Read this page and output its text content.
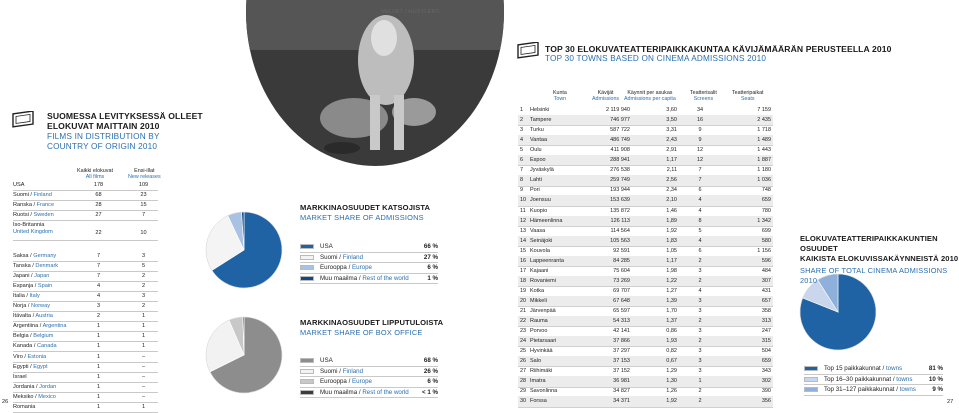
VELVET / HUSTLERS
TOP 30 ELOKUVATEATTERIPAIKKAKUNTAA KÄVIJÄMÄÄRÄN PERUSTEELLA 2010
TOP 30 TOWNS BASED ON CINEMA ADMISSIONS 2010
Kunta
Town
Kävijät
Admissions
Käynnit per asukas
Admissions per capita
Teatterisalit
Screens
Teatteripaikat
Seats
1 Helsinki	2 119 940	3,60	34	7 159
2 Tampere	746 977	3,50	16	2 435
3 Turku	587 722	3,31	9	1 718
4 Vantaa	486 749	2,43	9	1 489
5 Oulu	411 908	2,91	12	1 443
6 Espoo	288 941	1,17	12	1 887
7 Jyväskylä	276 538	2,11	7	1 180
8 Lahti	259 749	2,56	7	1 036
9 Pori	193 944	2,34	6	748
10 Joensuu	153 639	2,10	4	659
11 Kuopio	135 872	1,46	4	780
12 Hämeenlinna	126 113	1,89	8	1 342
13 Vaasa	114 564	1,92	5	699
14 Seinäjoki	105 563	1,83	4	580
15 Kouvola	92 591	1,05	6	1 156
16 Lappeenranta	84 285	1,17	2	596
17 Kajaani	75 604	1,98	3	484
18 Rovaniemi	73 269	1,22	2	307
19 Kotka	69 707	1,27	4	431
20 Mikkeli	67 648	1,39	3	657
21 Järvenpää	65 597	1,70	3	358
22 Rauma	54 313	1,37	2	313
23 Porvoo	42 141	0,86	3	247
24 Pietarsaari	37 866	1,93	2	315
25 Hyvinkää	37 297	0,82	3	504
26 Salo	37 153	0,67	3	659
27 Riihimäki	37 152	1,29	3	343
28 Imatra	36 981	1,30	1	302
29 Savonlinna	34 827	1,26	2	390
30 Forssa	34 371	1,92	2	356
SUOMESSA LEVITYKSESSÄ OLLEET
ELOKUVAT MAITTAIN 2010
FILMS IN DISTRIBUTION BY
COUNTRY OF ORIGIN 2010
Kaikki elokuvat
All films
Ensi-illat
New releases
USA	178	109
Suomi / Finland	68	23
Ranska / France	28	15
Ruotsi / Sweden	27	7
Iso-Britannia
United Kingdom	22	10
Saksa / Germany	7	3
Tanska / Denmark	7	5
Japani / Japan	7	2
Espanja / Spain	4	2
Italia / Italy	4	3
Norja / Norway	3	2
Itävalta / Austria	2	1
Argentiina / Argentina	1	1
Belgia / Belgium	1	1
Kanada / Canada	1	1
Viro / Estonia	1	–
Egypti / Egypt	1	–
Israel	1	–
Jordania / Jordan	1	–
Meksiko / Mexico	1	–
Romania	1	1
MARKKINAOSUUDET KATSOJISTA
MARKET SHARE OF ADMISSIONS
USA	66 %
Suomi / Finland	27 %
Eurooppa / Europe	6 %
Muu maailma / Rest of the world	1 %
MARKKINAOSUUDET LIPPUTULOISTA
MARKET SHARE OF BOX OFFICE
USA	68 %
Suomi / Finland	26 %
Eurooppa / Europe	6 %
Muu maailma / Rest of the world < 1 %
ELOKUVATEATTERIPAIKKAKUNTIEN OSUUDET
KAIKISTA ELOKUVISSAKÄYNNEISTÄ 2010
SHARE OF TOTAL CINEMA ADMISSIONS 2010
Top 15 paikkakunnat / towns	81 %
Top 16–30 paikkakunnat / towns	10 %
Top 31–127 paikkakunnat / towns	9 %
26	27
